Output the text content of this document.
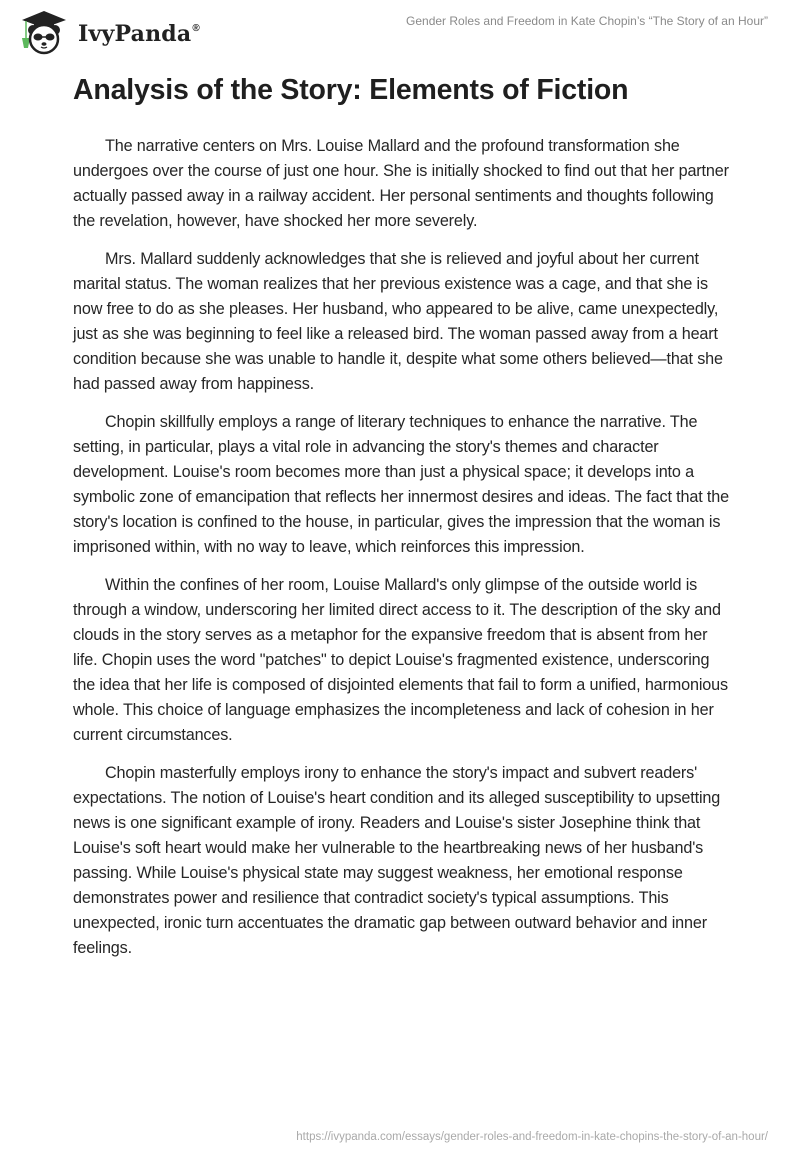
IvyPanda®
Gender Roles and Freedom in Kate Chopin’s “The Story of an Hour”
Analysis of the Story: Elements of Fiction

The narrative centers on Mrs. Louise Mallard and the profound transformation she undergoes over the course of just one hour. She is initially shocked to find out that her partner actually passed away in a railway accident. Her personal sentiments and thoughts following the revelation, however, have shocked her more severely.

Mrs. Mallard suddenly acknowledges that she is relieved and joyful about her current marital status. The woman realizes that her previous existence was a cage, and that she is now free to do as she pleases. Her husband, who appeared to be alive, came unexpectedly, just as she was beginning to feel like a released bird. The woman passed away from a heart condition because she was unable to handle it, despite what some others believed—that she had passed away from happiness.

Chopin skillfully employs a range of literary techniques to enhance the narrative. The setting, in particular, plays a vital role in advancing the story's themes and character development. Louise's room becomes more than just a physical space; it develops into a symbolic zone of emancipation that reflects her innermost desires and ideas. The fact that the story's location is confined to the house, in particular, gives the impression that the woman is imprisoned within, with no way to leave, which reinforces this impression.

Within the confines of her room, Louise Mallard's only glimpse of the outside world is through a window, underscoring her limited direct access to it. The description of the sky and clouds in the story serves as a metaphor for the expansive freedom that is absent from her life. Chopin uses the word "patches" to depict Louise's fragmented existence, underscoring the idea that her life is composed of disjointed elements that fail to form a unified, harmonious whole. This choice of language emphasizes the incompleteness and lack of cohesion in her current circumstances.

Chopin masterfully employs irony to enhance the story's impact and subvert readers' expectations. The notion of Louise's heart condition and its alleged susceptibility to upsetting news is one significant example of irony. Readers and Louise's sister Josephine think that Louise's soft heart would make her vulnerable to the heartbreaking news of her husband's passing. While Louise's physical state may suggest weakness, her emotional response demonstrates power and resilience that contradict society's typical assumptions. This unexpected, ironic turn accentuates the dramatic gap between outward behavior and inner feelings.

https://ivypanda.com/essays/gender-roles-and-freedom-in-kate-chopins-the-story-of-an-hour/
